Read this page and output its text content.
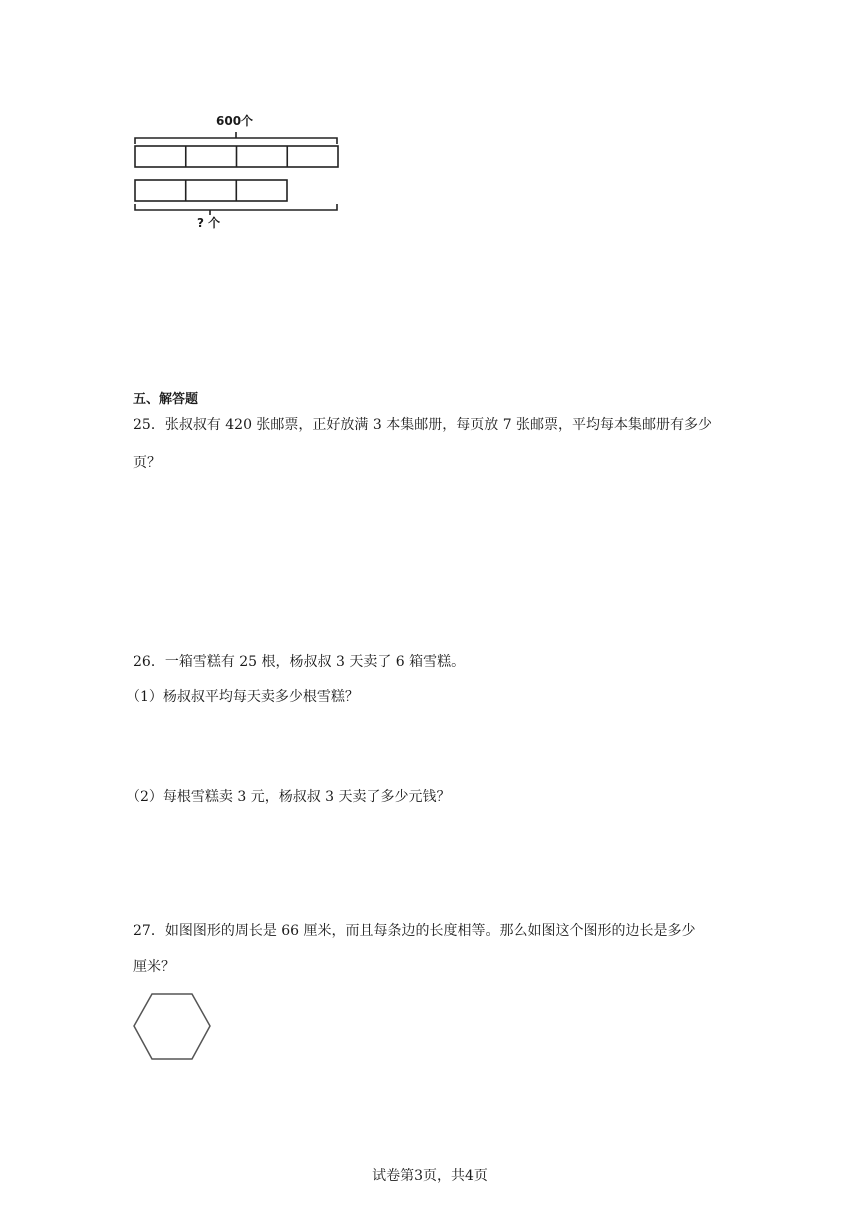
600个
? 个
五、解答题
25．张叔叔有 420 张邮票，正好放满 3 本集邮册，每页放 7 张邮票，平均每本集邮册有多少
页？
26．一箱雪糕有 25 根，杨叔叔 3 天卖了 6 箱雪糕。
（1）杨叔叔平均每天卖多少根雪糕？
（2）每根雪糕卖 3 元，杨叔叔 3 天卖了多少元钱？
27．如图图形的周长是 66 厘米，而且每条边的长度相等。那么如图这个图形的边长是多少
厘米？
试卷第3页，共4页
